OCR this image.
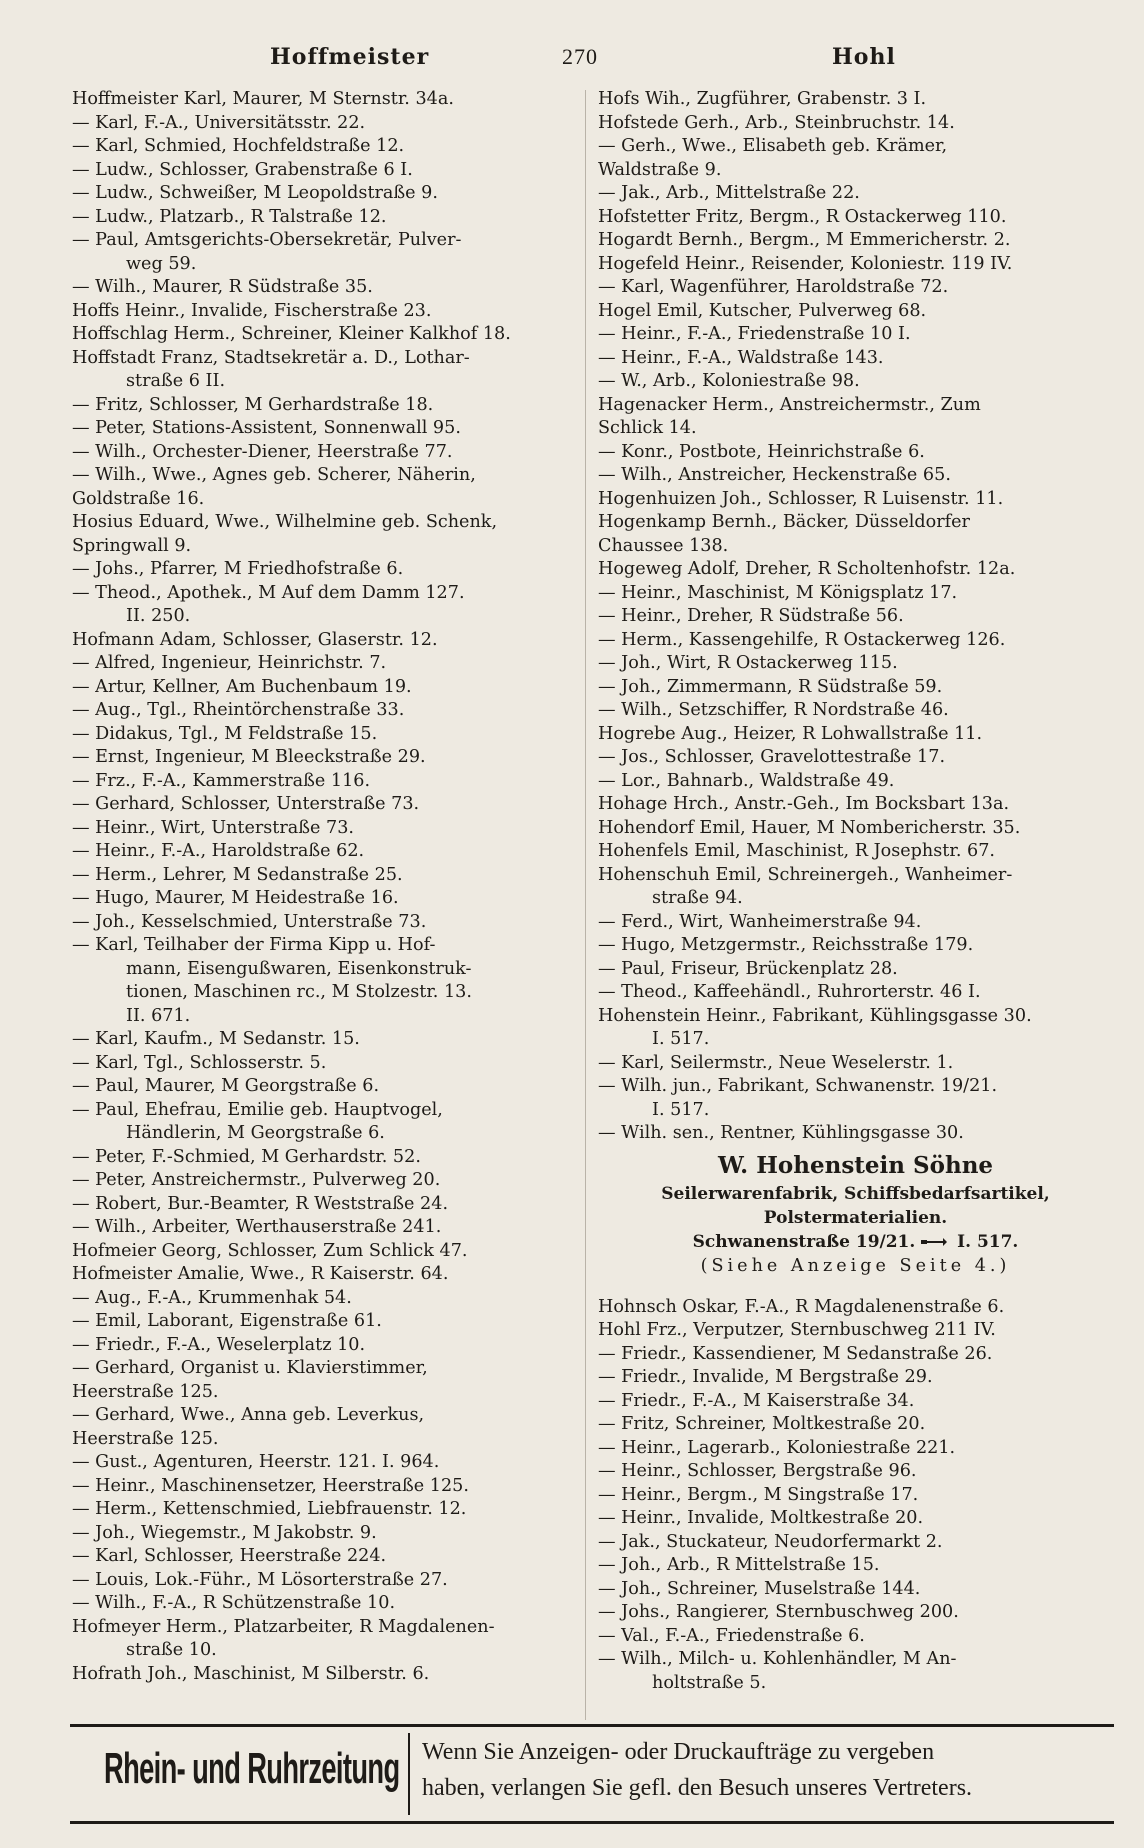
Hoffmeister	270	Hohl
Hoffmeister Karl, Maurer, M Sternstr. 34a.
— Karl, F.-A., Universitätsstr. 22.
— Karl, Schmied, Hochfeldstraße 12.
— Ludw., Schlosser, Grabenstraße 6 I.
— Ludw., Schweißer, M Leopoldstraße 9.
— Ludw., Platzarb., R Talstraße 12.
— Paul, Amtsgerichts-Obersekretär, Pulver-
weg 59.
— Wilh., Maurer, R Südstraße 35.
Hoffs Heinr., Invalide, Fischerstraße 23.
Hoffschlag Herm., Schreiner, Kleiner Kalkhof 18.
Hoffstadt Franz, Stadtsekretär a. D., Lothar-
straße 6 II.
— Fritz, Schlosser, M Gerhardstraße 18.
— Peter, Stations-Assistent, Sonnenwall 95.
— Wilh., Orchester-Diener, Heerstraße 77.
— Wilh., Wwe., Agnes geb. Scherer, Näherin,
Goldstraße 16.
Hosius Eduard, Wwe., Wilhelmine geb. Schenk,
Springwall 9.
— Johs., Pfarrer, M Friedhofstraße 6.
— Theod., Apothek., M Auf dem Damm 127.
II. 250.
Hofmann Adam, Schlosser, Glaserstr. 12.
— Alfred, Ingenieur, Heinrichstr. 7.
— Artur, Kellner, Am Buchenbaum 19.
— Aug., Tgl., Rheintörchenstraße 33.
— Didakus, Tgl., M Feldstraße 15.
— Ernst, Ingenieur, M Bleeckstraße 29.
— Frz., F.-A., Kammerstraße 116.
— Gerhard, Schlosser, Unterstraße 73.
— Heinr., Wirt, Unterstraße 73.
— Heinr., F.-A., Haroldstraße 62.
— Herm., Lehrer, M Sedanstraße 25.
— Hugo, Maurer, M Heidestraße 16.
— Joh., Kesselschmied, Unterstraße 73.
— Karl, Teilhaber der Firma Kipp u. Hof-
mann, Eisengußwaren, Eisenkonstruk-
tionen, Maschinen rc., M Stolzestr. 13.
II. 671.
— Karl, Kaufm., M Sedanstr. 15.
— Karl, Tgl., Schlosserstr. 5.
— Paul, Maurer, M Georgstraße 6.
— Paul, Ehefrau, Emilie geb. Hauptvogel,
Händlerin, M Georgstraße 6.
— Peter, F.-Schmied, M Gerhardstr. 52.
— Peter, Anstreichermstr., Pulverweg 20.
— Robert, Bur.-Beamter, R Weststraße 24.
— Wilh., Arbeiter, Werthauserstraße 241.
Hofmeier Georg, Schlosser, Zum Schlick 47.
Hofmeister Amalie, Wwe., R Kaiserstr. 64.
— Aug., F.-A., Krummenhak 54.
— Emil, Laborant, Eigenstraße 61.
— Friedr., F.-A., Weselerplatz 10.
— Gerhard, Organist u. Klavierstimmer,
Heerstraße 125.
— Gerhard, Wwe., Anna geb. Leverkus,
Heerstraße 125.
— Gust., Agenturen, Heerstr. 121. I. 964.
— Heinr., Maschinensetzer, Heerstraße 125.
— Herm., Kettenschmied, Liebfrauenstr. 12.
— Joh., Wiegemstr., M Jakobstr. 9.
— Karl, Schlosser, Heerstraße 224.
— Louis, Lok.-Führ., M Lösorterstraße 27.
— Wilh., F.-A., R Schützenstraße 10.
Hofmeyer Herm., Platzarbeiter, R Magdalenen-
straße 10.
Hofrath Joh., Maschinist, M Silberstr. 6.
Hofs Wih., Zugführer, Grabenstr. 3 I.
Hofstede Gerh., Arb., Steinbruchstr. 14.
— Gerh., Wwe., Elisabeth geb. Krämer,
Waldstraße 9.
— Jak., Arb., Mittelstraße 22.
Hofstetter Fritz, Bergm., R Ostackerweg 110.
Hogardt Bernh., Bergm., M Emmericherstr. 2.
Hogefeld Heinr., Reisender, Koloniestr. 119 IV.
— Karl, Wagenführer, Haroldstraße 72.
Hogel Emil, Kutscher, Pulverweg 68.
— Heinr., F.-A., Friedenstraße 10 I.
— Heinr., F.-A., Waldstraße 143.
— W., Arb., Koloniestraße 98.
Hagenacker Herm., Anstreichermstr., Zum
Schlick 14.
— Konr., Postbote, Heinrichstraße 6.
— Wilh., Anstreicher, Heckenstraße 65.
Hogenhuizen Joh., Schlosser, R Luisenstr. 11.
Hogenkamp Bernh., Bäcker, Düsseldorfer
Chaussee 138.
Hogeweg Adolf, Dreher, R Scholtenhofstr. 12a.
— Heinr., Maschinist, M Königsplatz 17.
— Heinr., Dreher, R Südstraße 56.
— Herm., Kassengehilfe, R Ostackerweg 126.
— Joh., Wirt, R Ostackerweg 115.
— Joh., Zimmermann, R Südstraße 59.
— Wilh., Setzschiffer, R Nordstraße 46.
Hogrebe Aug., Heizer, R Lohwallstraße 11.
— Jos., Schlosser, Gravelottestraße 17.
— Lor., Bahnarb., Waldstraße 49.
Hohage Hrch., Anstr.-Geh., Im Bocksbart 13a.
Hohendorf Emil, Hauer, M Nombericherstr. 35.
Hohenfels Emil, Maschinist, R Josephstr. 67.
Hohenschuh Emil, Schreinergeh., Wanheimer-
straße 94.
— Ferd., Wirt, Wanheimerstraße 94.
— Hugo, Metzgermstr., Reichsstraße 179.
— Paul, Friseur, Brückenplatz 28.
— Theod., Kaffeehändl., Ruhrorterstr. 46 I.
Hohenstein Heinr., Fabrikant, Kühlingsgasse 30.
I. 517.
— Karl, Seilermstr., Neue Weselerstr. 1.
— Wilh. jun., Fabrikant, Schwanenstr. 19/21.
I. 517.
— Wilh. sen., Rentner, Kühlingsgasse 30.
W. Hohenstein Söhne
Seilerwarenfabrik, Schiffsbedarfsartikel,
Polstermaterialien.
Schwanenstraße 19/21. I. 517.
(Siehe Anzeige Seite 4.)
Hohnsch Oskar, F.-A., R Magdalenenstraße 6.
Hohl Frz., Verputzer, Sternbuschweg 211 IV.
— Friedr., Kassendiener, M Sedanstraße 26.
— Friedr., Invalide, M Bergstraße 29.
— Friedr., F.-A., M Kaiserstraße 34.
— Fritz, Schreiner, Moltkestraße 20.
— Heinr., Lagerarb., Koloniestraße 221.
— Heinr., Schlosser, Bergstraße 96.
— Heinr., Bergm., M Singstraße 17.
— Heinr., Invalide, Moltkestraße 20.
— Jak., Stuckateur, Neudorfermarkt 2.
— Joh., Arb., R Mittelstraße 15.
— Joh., Schreiner, Muselstraße 144.
— Johs., Rangierer, Sternbuschweg 200.
— Val., F.-A., Friedenstraße 6.
— Wilh., Milch- u. Kohlenhändler, M An-
holtstraße 5.
Rhein- und Ruhrzeitung Wenn Sie Anzeigen- oder Druckaufträge zu vergeben
haben, verlangen Sie gefl. den Besuch unseres Vertreters.
